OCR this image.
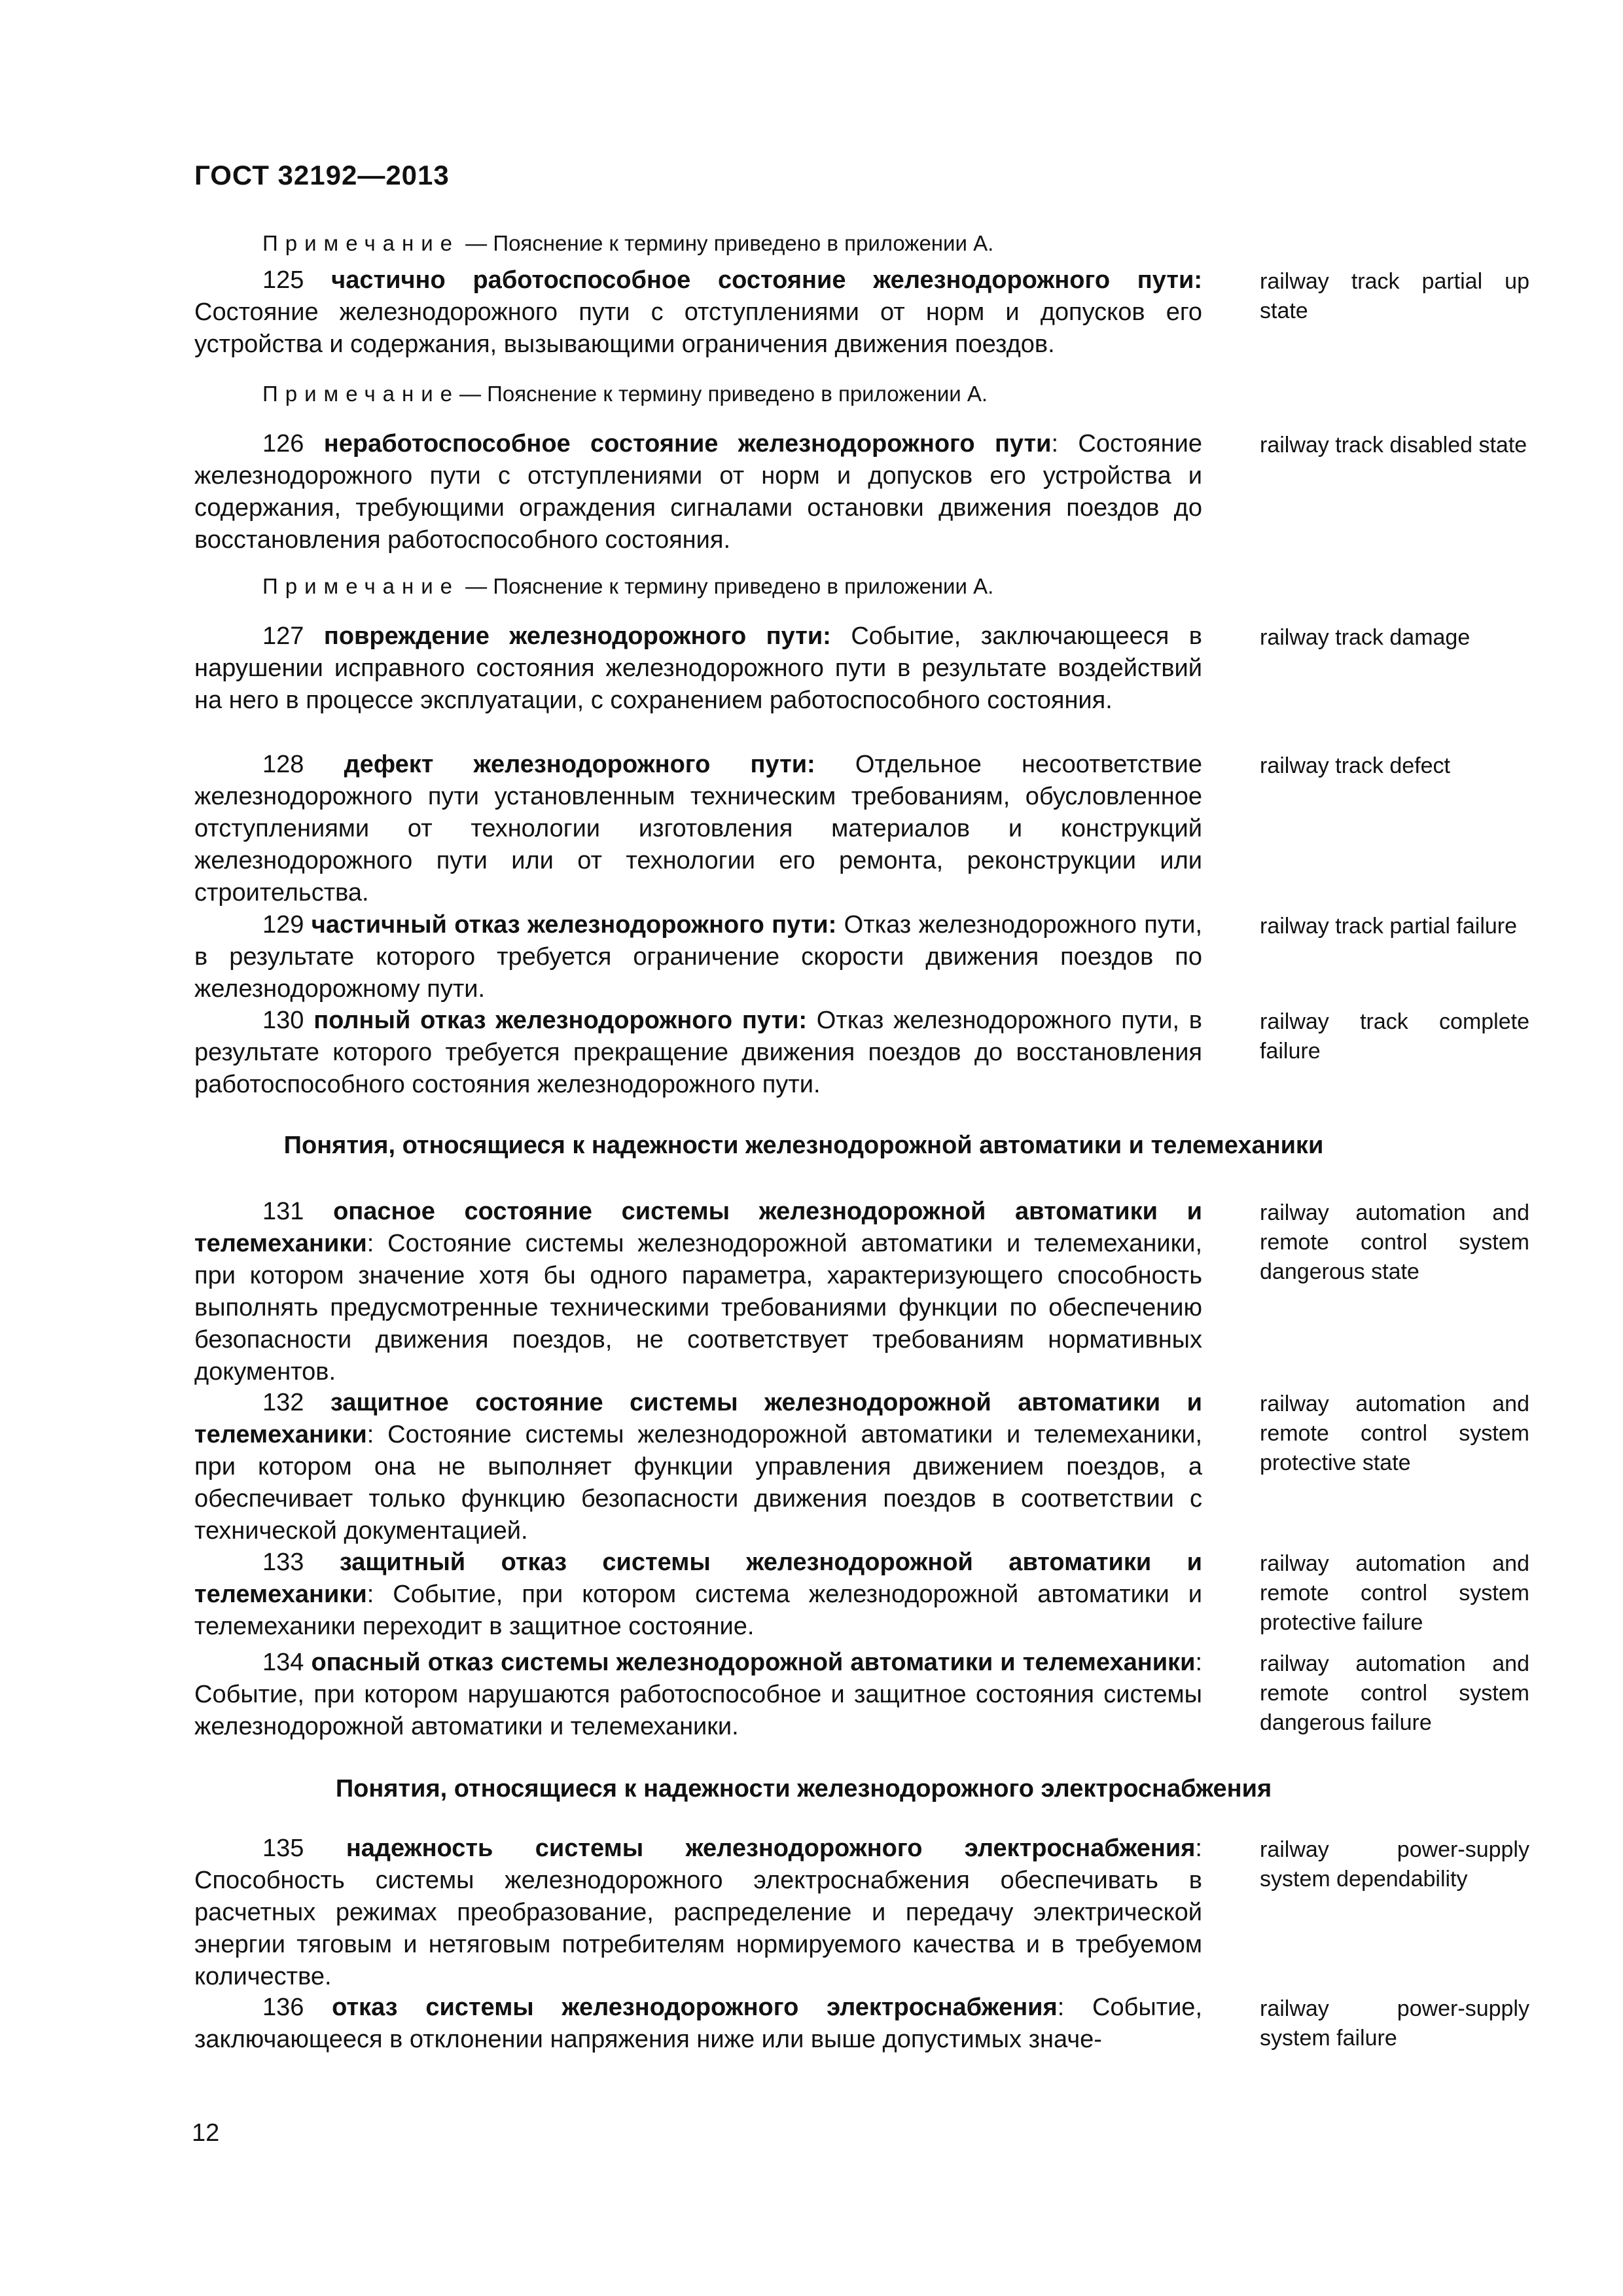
ГОСТ 32192—2013
Примечание — Пояснение к термину приведено в приложении А.
125 частично работоспособное состояние железнодорожного пути: Состояние железнодорожного пути с отступлениями от норм и допусков его устройства и содержания, вызывающими ограничения движения поездов.
railway track partial up state
Примечание— Пояснение к термину приведено в приложении А.
126 неработоспособное состояние железнодорожного пути: Состояние железнодорожного пути с отступлениями от норм и допусков его устройства и содержания, требующими ограждения сигналами остановки движения поездов до восстановления работоспособного состояния.
railway track disabled state
Примечание — Пояснение к термину приведено в приложении А.
127 повреждение железнодорожного пути: Событие, заключающееся в нарушении исправного состояния железнодорожного пути в результате воздействий на него в процессе эксплуатации, с сохранением работоспособного состояния.
railway track damage
128 дефект железнодорожного пути: Отдельное несоответствие железнодорожного пути установленным техническим требованиям, обусловленное отступлениями от технологии изготовления материалов и конструкций железнодорожного пути или от технологии его ремонта, реконструкции или строительства.
railway track defect
129 частичный отказ железнодорожного пути: Отказ железнодорожного пути, в результате которого требуется ограничение скорости движения поездов по железнодорожному пути.
railway track partial failure
130 полный отказ железнодорожного пути: Отказ железнодорожного пути, в результате которого требуется прекращение движения поездов до восстановления работоспособного состояния железнодорожного пути.
railway track complete failure
Понятия, относящиеся к надежности железнодорожной автоматики и телемеханики
131 опасное состояние системы железнодорожной автоматики и телемеханики: Состояние системы железнодорожной автоматики и телемеханики, при котором значение хотя бы одного параметра, характеризующего способность выполнять предусмотренные техническими требованиями функции по обеспечению безопасности движения поездов, не соответствует требованиям нормативных документов.
railway automation and remote control system dangerous state
132 защитное состояние системы железнодорожной автоматики и телемеханики: Состояние системы железнодорожной автоматики и телемеханики, при котором она не выполняет функции управления движением поездов, а обеспечивает только функцию безопасности движения поездов в соответствии с технической документацией.
railway automation and remote control system protective state
133 защитный отказ системы железнодорожной автоматики и телемеханики: Событие, при котором система железнодорожной автоматики и телемеханики переходит в защитное состояние.
railway automation and remote control system protective failure
134 опасный отказ системы железнодорожной автоматики и телемеханики: Событие, при котором нарушаются работоспособное и защитное состояния системы железнодорожной автоматики и телемеханики.
railway automation and remote control system dangerous failure
Понятия, относящиеся к надежности железнодорожного электроснабжения
135 надежность системы железнодорожного электроснабжения: Способность системы железнодорожного электроснабжения обеспечивать в расчетных режимах преобразование, распределение и передачу электрической энергии тяговым и нетяговым потребителям нормируемого качества и в требуемом количестве.
railway power-supply system dependability
136 отказ системы железнодорожного электроснабжения: Событие, заключающееся в отклонении напряжения ниже или выше допустимых значе-
railway power-supply system failure
12
